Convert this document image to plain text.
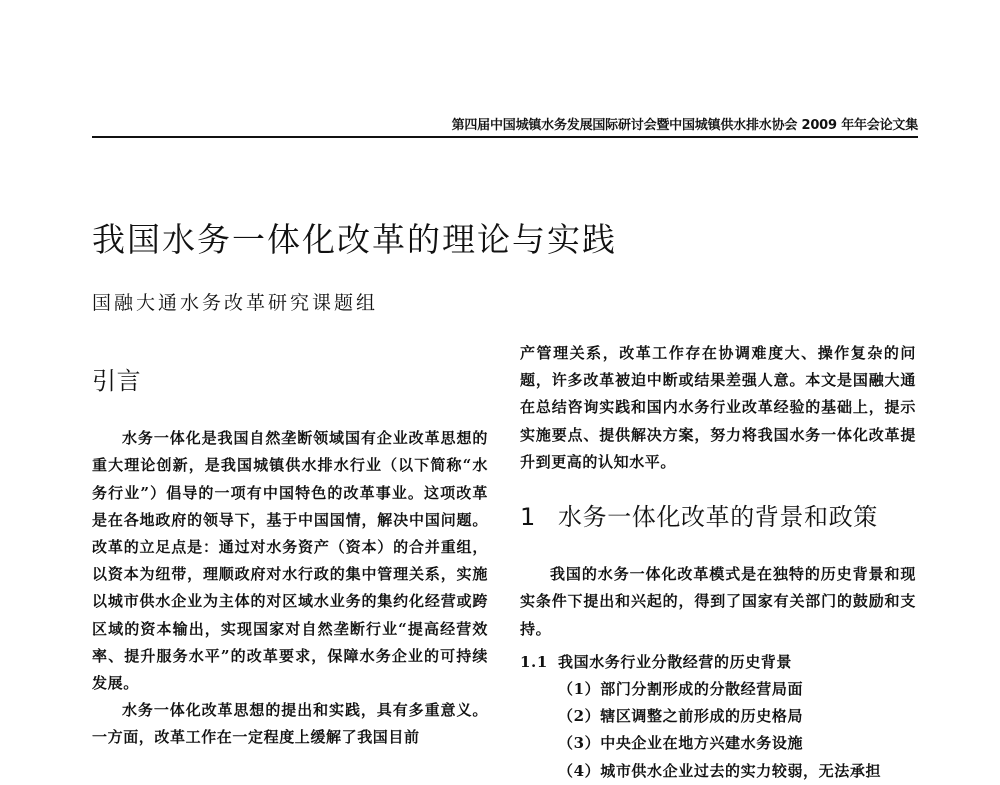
第四届中国城镇水务发展国际研讨会暨中国城镇供水排水协会 2009 年年会论文集
我国水务一体化改革的理论与实践
国融大通水务改革研究课题组
引言

水务一体化是我国自然垄断领域国有企业改革思想的重大理论创新，是我国城镇供水排水行业（以下简称“水务行业”）倡导的一项有中国特色的改革事业。这项改革是在各地政府的领导下，基于中国国情，解决中国问题。改革的立足点是：通过对水务资产（资本）的合并重组，以资本为纽带，理顺政府对水行政的集中管理关系，实施以城市供水企业为主体的对区域水业务的集约化经营或跨区域的资本输出，实现国家对自然垄断行业“提高经营效率、提升服务水平”的改革要求，保障水务企业的可持续发展。

水务一体化改革思想的提出和实践，具有多重意义。一方面，改革工作在一定程度上缓解了我国目前

产管理关系，改革工作存在协调难度大、操作复杂的问题，许多改革被迫中断或结果差强人意。本文是国融大通在总结咨询实践和国内水务行业改革经验的基础上，提示实施要点、提供解决方案，努力将我国水务一体化改革提升到更高的认知水平。

1 水务一体化改革的背景和政策

我国的水务一体化改革模式是在独特的历史背景和现实条件下提出和兴起的，得到了国家有关部门的鼓励和支持。

1.1 我国水务行业分散经营的历史背景
（1）部门分割形成的分散经营局面
（2）辖区调整之前形成的历史格局
（3）中央企业在地方兴建水务设施
（4）城市供水企业过去的实力较弱，无法承担
